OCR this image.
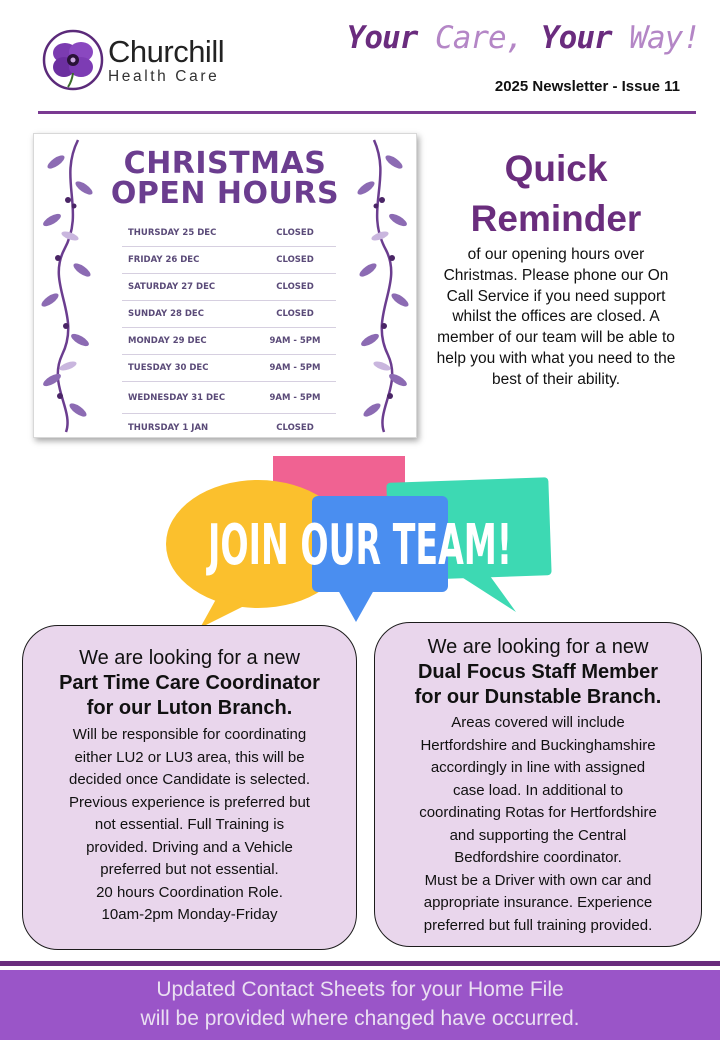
Churchill
Health Care
Your Care, Your Way!
2025 Newsletter - Issue 11
CHRISTMAS
OPEN HOURS
THURSDAY 25 DEC	CLOSED
FRIDAY 26 DEC	CLOSED
SATURDAY 27 DEC	CLOSED
SUNDAY 28 DEC	CLOSED
MONDAY 29 DEC	9AM - 5PM
TUESDAY 30 DEC	9AM - 5PM
WEDNESDAY 31 DEC	9AM - 5PM
THURSDAY 1 JAN	CLOSED
Quick
Reminder
of our opening hours over Christmas. Please phone our On Call Service if you need support whilst the offices are closed. A member of our team will be able to help you with what you need to the best of their ability.
JOIN OUR TEAM!
We are looking for a new
Part Time Care Coordinator
for our Luton Branch.
Will be responsible for coordinating
either LU2 or LU3 area, this will be
decided once Candidate is selected.
Previous experience is preferred but
not essential. Full Training is
provided. Driving and a Vehicle
preferred but not essential.
20 hours Coordination Role.
10am-2pm Monday-Friday
We are looking for a new
Dual Focus Staff Member
for our Dunstable Branch.
Areas covered will include
Hertfordshire and Buckinghamshire
accordingly in line with assigned
case load. In additional to
coordinating Rotas for Hertfordshire
and supporting the Central
Bedfordshire coordinator.
Must be a Driver with own car and
appropriate insurance. Experience
preferred but full training provided.
Updated Contact Sheets for your Home File
will be provided where changed have occurred.
